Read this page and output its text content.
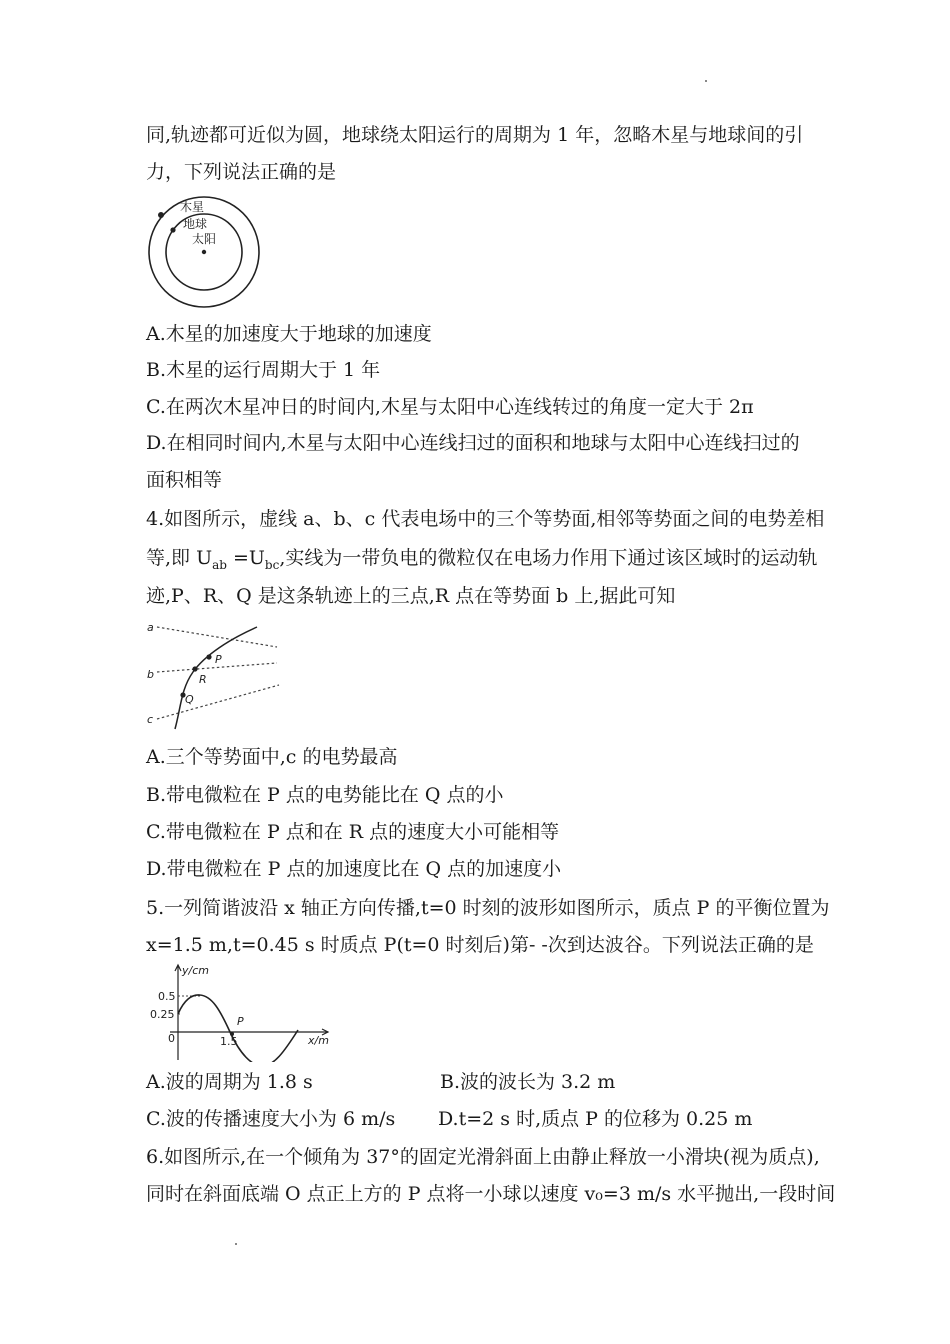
同,轨迹都可近似为圆，地球绕太阳运行的周期为 1 年，忽略木星与地球间的引
力，下列说法正确的是
木星
地球
太阳
A.木星的加速度大于地球的加速度
B.木星的运行周期大于 1 年
C.在两次木星冲日的时间内,木星与太阳中心连线转过的角度一定大于 2π
D.在相同时间内,木星与太阳中心连线扫过的面积和地球与太阳中心连线扫过的
面积相等
4.如图所示，虚线 a、b、c 代表电场中的三个等势面,相邻等势面之间的电势差相
等,即 $U_{ab} =U_{bc}$,实线为一带负电的微粒仅在电场力作用下通过该区域时的运动轨
迹,P、R、Q 是这条轨迹上的三点,R 点在等势面 b 上,据此可知
a
b
c
P
R
Q
A.三个等势面中,c 的电势最高
B.带电微粒在 P 点的电势能比在 Q 点的小
C.带电微粒在 P 点和在 R 点的速度大小可能相等
D.带电微粒在 P 点的加速度比在 Q 点的加速度小
5.一列简谐波沿 x 轴正方向传播,t=0 时刻的波形如图所示，质点 P 的平衡位置为
x=1.5 m,t=0.45 s 时质点 P(t=0 时刻后)第- -次到达波谷。下列说法正确的是
y/cm
x/m
0.5
0.25
0	1.5
P
A.波的周期为 1.8 s	B.波的波长为 3.2 m
C.波的传播速度大小为 6 m/s D.t=2 s 时,质点 P 的位移为 0.25 m
6.如图所示,在一个倾角为 37°的固定光滑斜面上由静止释放一小滑块(视为质点),
同时在斜面底端 O 点正上方的 P 点将一小球以速度 v₀=3 m/s 水平抛出,一段时间
